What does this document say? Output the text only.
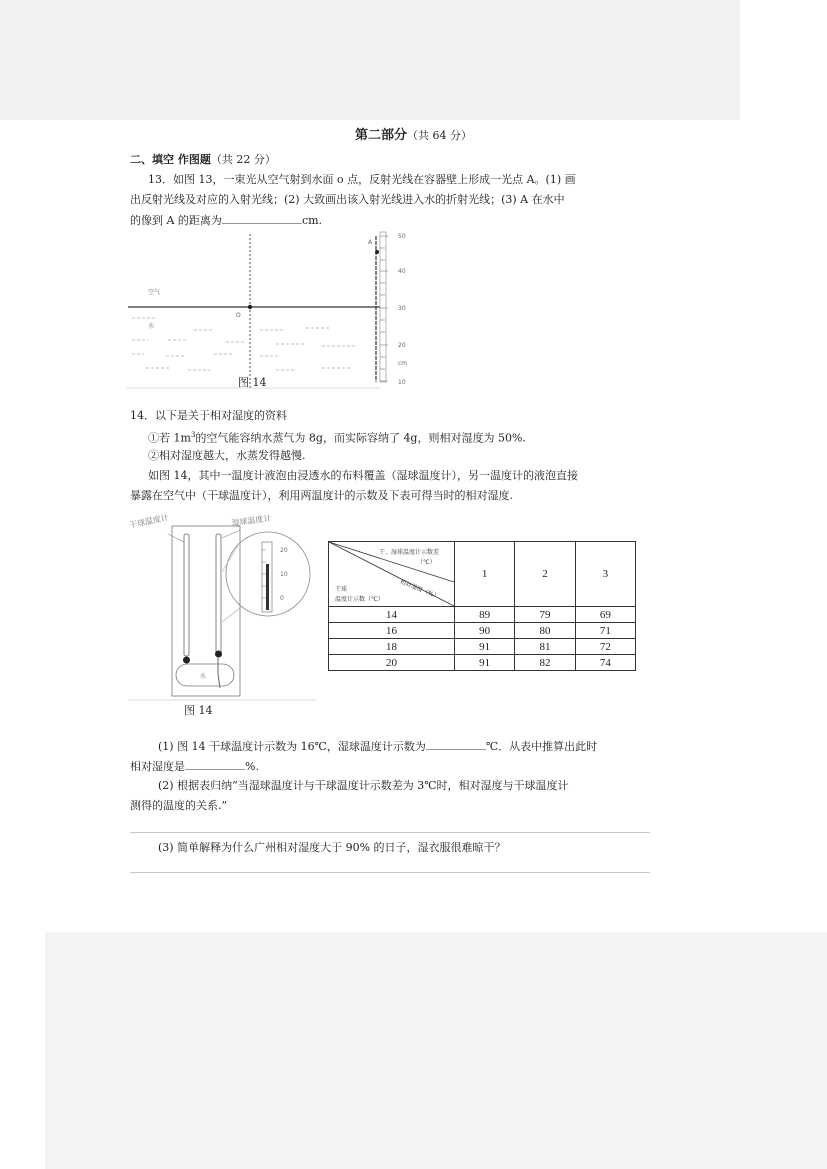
第二部分（共 64 分）
二、填空 作图题（共 22 分）
13．如图 13，一束光从空气射到水面 o 点，反射光线在容器壁上形成一光点 A。(1) 画
出反射光线及对应的入射光线；(2) 大致画出该入射光线进入水的折射光线；(3) A 在水中
的像到 A 的距离为	cm.
50
40
30
20
cm
10
空气
水
O
A
图 14
14．以下是关于相对湿度的资料
①若 $1m^3$的空气能容纳水蒸气为 8g，而实际容纳了 4g，则相对湿度为 50%.
②相对湿度越大，水蒸发得越慢.
如图 14，其中一温度计液泡由浸透水的布料覆盖（湿球温度计），另一温度计的液泡直接
暴露在空气中（干球温度计），利用两温度计的示数及下表可得当时的相对湿度.
水
20
10
0
干球温度计	湿球温度计
图 14
干、湿球温度计示数差
（℃）
相对湿度（%）
干球
温度计示数（℃）	1	2	3
14	89	79	69
16	90	80	71
18	91	81	72
20	91	82	74
(1) 图 14 干球温度计示数为 16℃，湿球温度计示数为	℃．从表中推算出此时
相对湿度是	%.
(2) 根据表归纳“当湿球温度计与干球温度计示数差为 3℃时，相对湿度与干球温度计
测得的温度的关系.”
(3) 简单解释为什么广州相对湿度大于 90% 的日子，湿衣服很难晾干？
